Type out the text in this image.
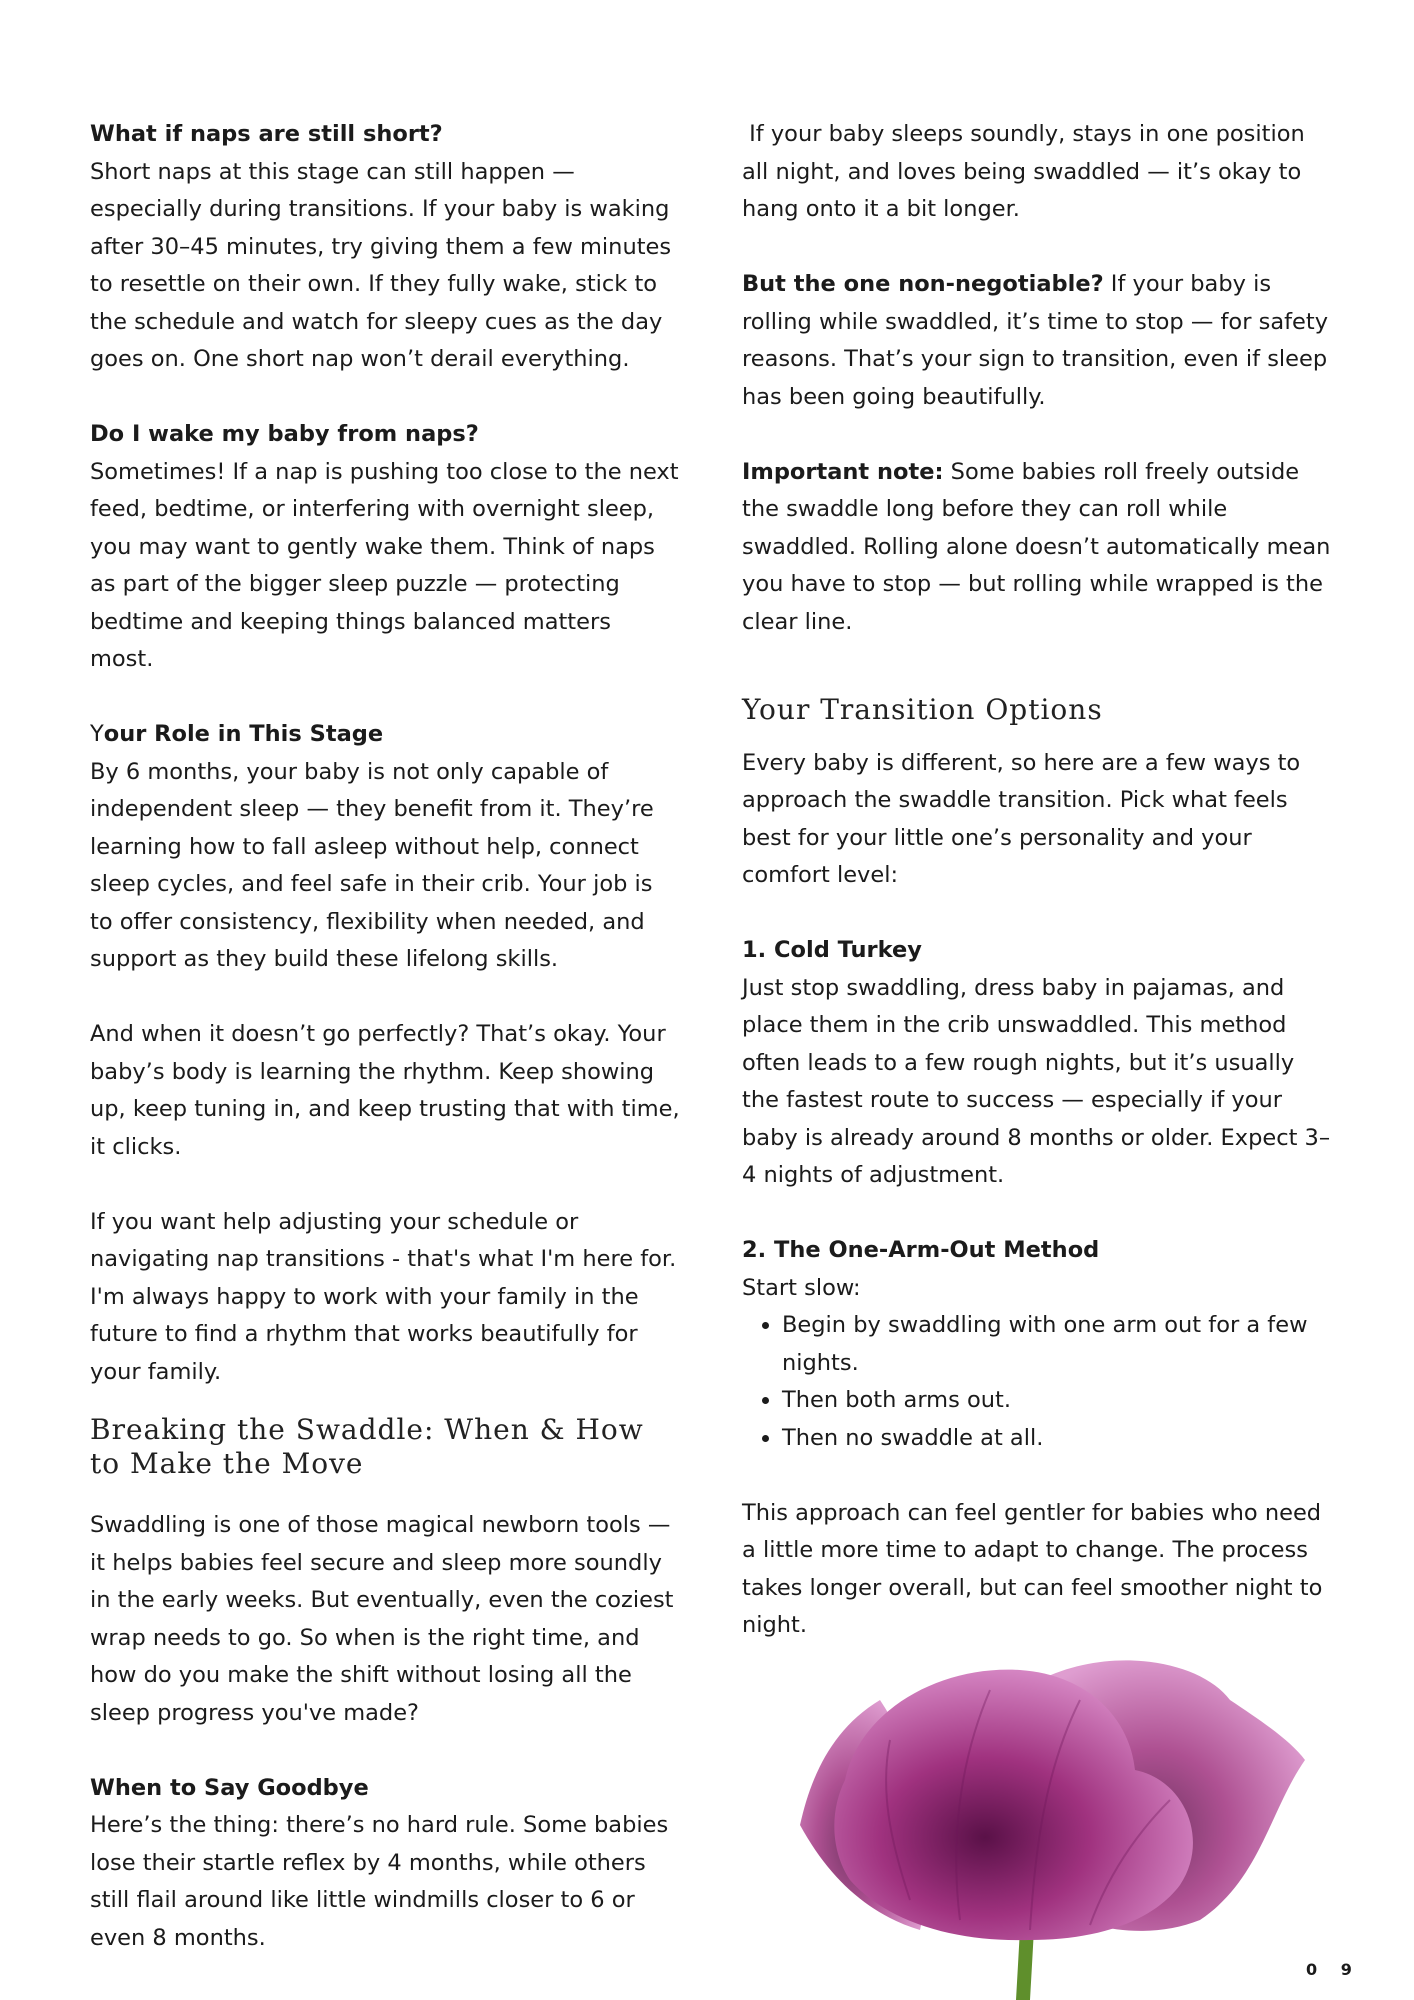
What if naps are still short?

Short naps at this stage can still happen — especially during transitions. If your baby is waking after 30–45 minutes, try giving them a few minutes to resettle on their own. If they fully wake, stick to the schedule and watch for sleepy cues as the day goes on. One short nap won’t derail everything.

Do I wake my baby from naps?

Sometimes! If a nap is pushing too close to the next feed, bedtime, or interfering with overnight sleep, you may want to gently wake them. Think of naps as part of the bigger sleep puzzle — protecting bedtime and keeping things balanced matters most.

Your Role in This Stage

By 6 months, your baby is not only capable of independent sleep — they benefit from it. They’re learning how to fall asleep without help, connect sleep cycles, and feel safe in their crib. Your job is to offer consistency, flexibility when needed, and support as they build these lifelong skills.

And when it doesn’t go perfectly? That’s okay. Your baby’s body is learning the rhythm. Keep showing up, keep tuning in, and keep trusting that with time, it clicks.

If you want help adjusting your schedule or navigating nap transitions - that's what I'm here for. I'm always happy to work with your family in the future to find a rhythm that works beautifully for your family.

Breaking the Swaddle: When & How to Make the Move

Swaddling is one of those magical newborn tools — it helps babies feel secure and sleep more soundly in the early weeks. But eventually, even the coziest wrap needs to go. So when is the right time, and how do you make the shift without losing all the sleep progress you've made?

When to Say Goodbye

Here’s the thing: there’s no hard rule. Some babies lose their startle reflex by 4 months, while others still flail around like little windmills closer to 6 or even 8 months.

If your baby sleeps soundly, stays in one position all night, and loves being swaddled — it’s okay to hang onto it a bit longer.

But the one non-negotiable? If your baby is rolling while swaddled, it’s time to stop — for safety reasons. That’s your sign to transition, even if sleep has been going beautifully.

Important note: Some babies roll freely outside the swaddle long before they can roll while swaddled. Rolling alone doesn’t automatically mean you have to stop — but rolling while wrapped is the clear line.

Your Transition Options

Every baby is different, so here are a few ways to approach the swaddle transition. Pick what feels best for your little one’s personality and your comfort level:

1. Cold Turkey

Just stop swaddling, dress baby in pajamas, and place them in the crib unswaddled. This method often leads to a few rough nights, but it’s usually the fastest route to success — especially if your baby is already around 8 months or older. Expect 3–4 nights of adjustment.

2. The One-Arm-Out Method

Start slow:

• Begin by swaddling with one arm out for a few nights.
• Then both arms out.
• Then no swaddle at all.

This approach can feel gentler for babies who need a little more time to adapt to change. The process takes longer overall, but can feel smoother night to night.

0 9
